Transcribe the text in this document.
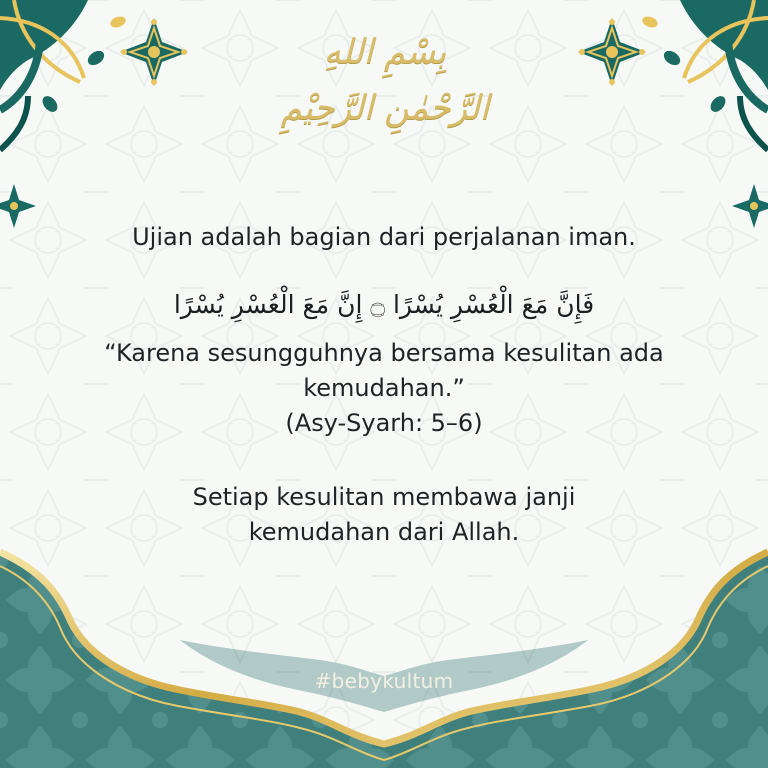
بِسْمِ اللهِ الرَّحْمٰنِ الرَّحِيْمِ
Ujian adalah bagian dari perjalanan iman.
فَإِنَّ مَعَ الْعُسْرِ يُسْرًا ۝ إِنَّ مَعَ الْعُسْرِ يُسْرًا
“Karena sesungguhnya bersama kesulitan ada
kemudahan.”
(Asy-Syarh: 5–6)
Setiap kesulitan membawa janji
kemudahan dari Allah.
#bebykultum
